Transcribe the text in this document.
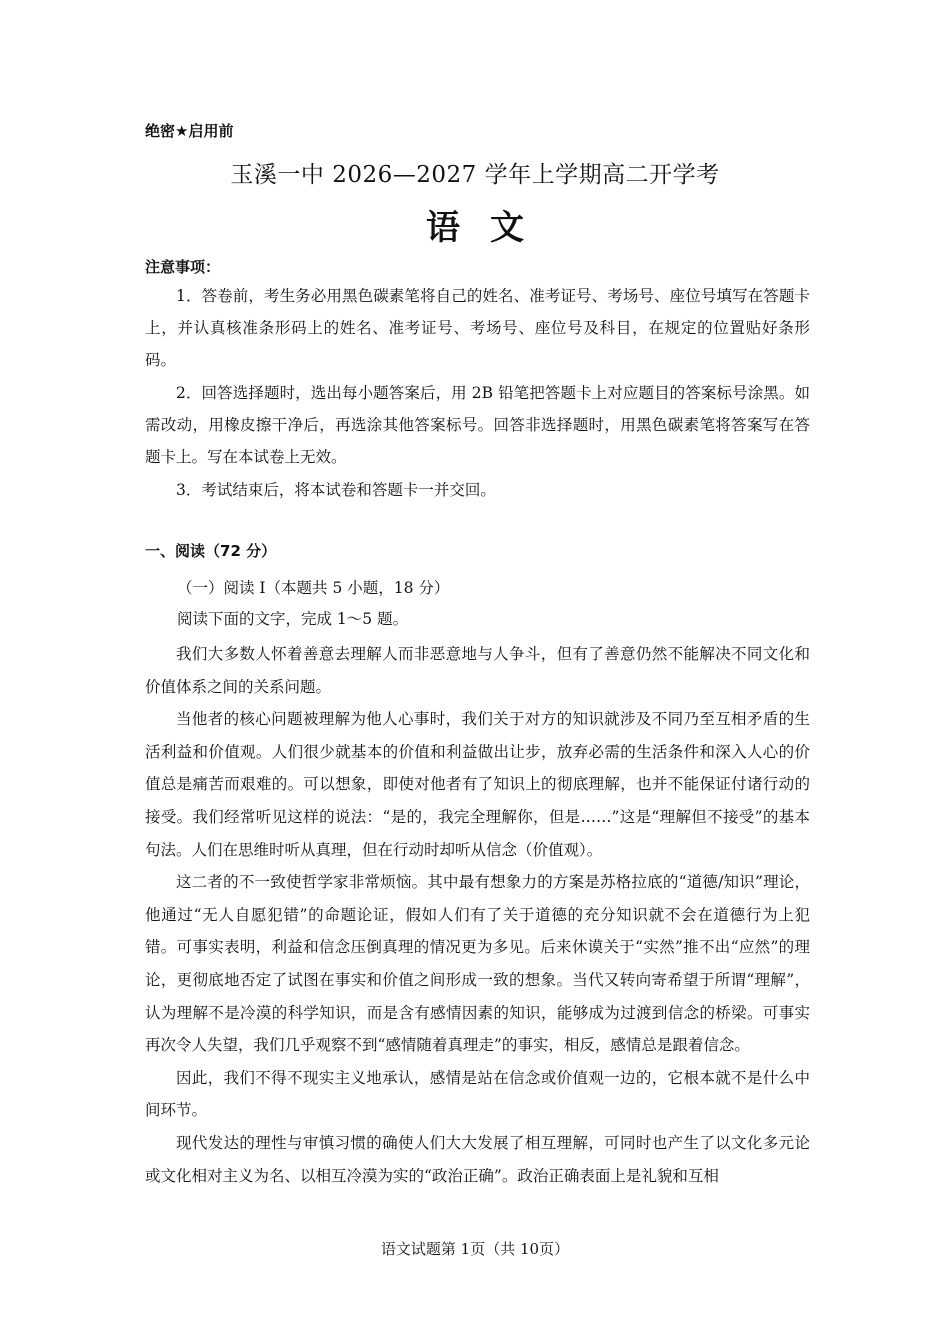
绝密★启用前
玉溪一中 2026—2027 学年上学期高二开学考
语文
注意事项：

1．答卷前，考生务必用黑色碳素笔将自己的姓名、准考证号、考场号、座位号填写在答题卡上，并认真核准条形码上的姓名、准考证号、考场号、座位号及科目，在规定的位置贴好条形码。

2．回答选择题时，选出每小题答案后，用 2B 铅笔把答题卡上对应题目的答案标号涂黑。如需改动，用橡皮擦干净后，再选涂其他答案标号。回答非选择题时，用黑色碳素笔将答案写在答题卡上。写在本试卷上无效。

3．考试结束后，将本试卷和答题卡一并交回。

一、阅读（72 分）
（一）阅读 I（本题共 5 小题，18 分）
阅读下面的文字，完成 1～5 题。

我们大多数人怀着善意去理解人而非恶意地与人争斗，但有了善意仍然不能解决不同文化和价值体系之间的关系问题。

当他者的核心问题被理解为他人心事时，我们关于对方的知识就涉及不同乃至互相矛盾的生活利益和价值观。人们很少就基本的价值和利益做出让步，放弃必需的生活条件和深入人心的价值总是痛苦而艰难的。可以想象，即使对他者有了知识上的彻底理解，也并不能保证付诸行动的接受。我们经常听见这样的说法：“是的，我完全理解你，但是……”这是“理解但不接受”的基本句法。人们在思维时听从真理，但在行动时却听从信念（价值观）。

这二者的不一致使哲学家非常烦恼。其中最有想象力的方案是苏格拉底的“道德/知识”理论，他通过“无人自愿犯错”的命题论证，假如人们有了关于道德的充分知识就不会在道德行为上犯错。可事实表明，利益和信念压倒真理的情况更为多见。后来休谟关于“实然”推不出“应然”的理论，更彻底地否定了试图在事实和价值之间形成一致的想象。当代又转向寄希望于所谓“理解”，认为理解不是冷漠的科学知识，而是含有感情因素的知识，能够成为过渡到信念的桥梁。可事实再次令人失望，我们几乎观察不到“感情随着真理走”的事实，相反，感情总是跟着信念。

因此，我们不得不现实主义地承认，感情是站在信念或价值观一边的，它根本就不是什么中间环节。

现代发达的理性与审慎习惯的确使人们大大发展了相互理解，可同时也产生了以文化多元论或文化相对主义为名、以相互冷漠为实的“政治正确”。政治正确表面上是礼貌和互相

语文试题第 1页（共 10页）
